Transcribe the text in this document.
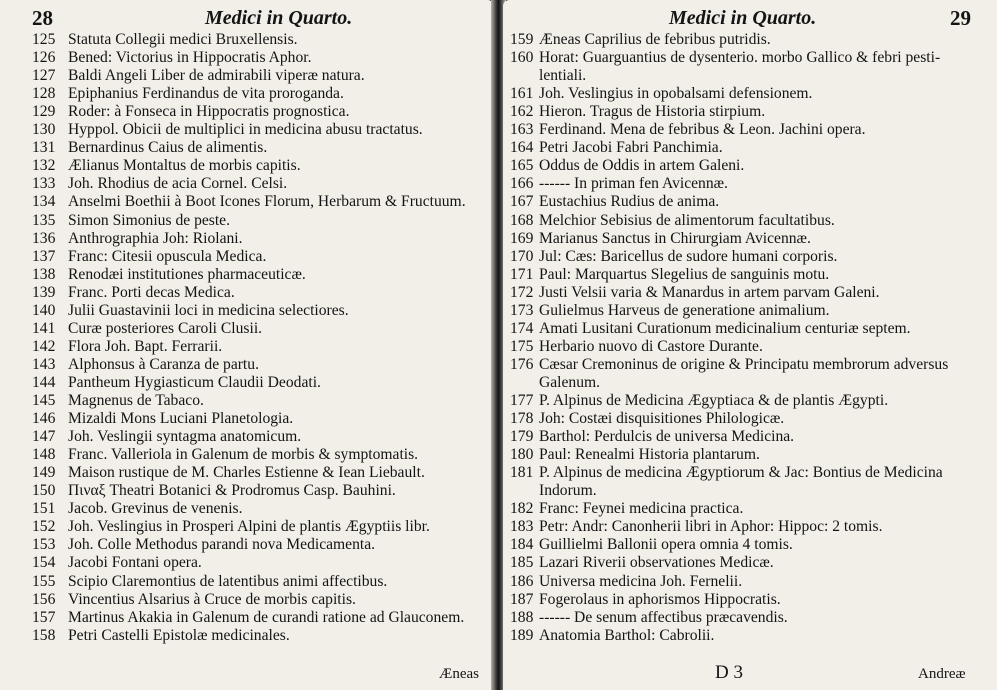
28	Medici in Quarto.
125 Statuta Collegii medici Bruxellensis.
126 Bened: Victorius in Hippocratis Aphor.
127 Baldi Angeli Liber de admirabili viperæ natura.
128 Epiphanius Ferdinandus de vita proroganda.
129 Roder: à Fonseca in Hippocratis prognostica.
130 Hyppol. Obicii de multiplici in medicina abusu tractatus.
131 Bernardinus Caius de alimentis.
132 Ælianus Montaltus de morbis capitis.
133 Joh. Rhodius de acia Cornel. Celsi.
134 Anselmi Boethii à Boot Icones Florum, Herbarum & Fructuum.
135 Simon Simonius de peste.
136 Anthrographia Joh: Riolani.
137 Franc: Citesii opuscula Medica.
138 Renodæi institutiones pharmaceuticæ.
139 Franc. Porti decas Medica.
140 Julii Guastavinii loci in medicina selectiores.
141 Curæ posteriores Caroli Clusii.
142 Flora Joh. Bapt. Ferrarii.
143 Alphonsus à Caranza de partu.
144 Pantheum Hygiasticum Claudii Deodati.
145 Magnenus de Tabaco.
146 Mizaldi Mons Luciani Planetologia.
147 Joh. Veslingii syntagma anatomicum.
148 Franc. Valleriola in Galenum de morbis & symptomatis.
149 Maison rustique de M. Charles Estienne & Iean Liebault.
150 Πιναξ Theatri Botanici & Prodromus Casp. Bauhini.
151 Jacob. Grevinus de venenis.
152 Joh. Veslingius in Prosperi Alpini de plantis Ægyptiis libr.
153 Joh. Colle Methodus parandi nova Medicamenta.
154 Jacobi Fontani opera.
155 Scipio Claremontius de latentibus animi affectibus.
156 Vincentius Alsarius à Cruce de morbis capitis.
157 Martinus Akakia in Galenum de curandi ratione ad Glauconem.
158 Petri Castelli Epistolæ medicinales.
Æneas
Medici in Quarto.	29
159 Æneas Caprilius de febribus putridis.
160 Horat: Guarguantius de dysenterio. morbo Gallico & febri pesti-
lentiali.
161 Joh. Veslingius in opobalsami defensionem.
162 Hieron. Tragus de Historia stirpium.
163 Ferdinand. Mena de febribus & Leon. Jachini opera.
164 Petri Jacobi Fabri Panchimia.
165 Oddus de Oddis in artem Galeni.
166 ------ In priman fen Avicennæ.
167 Eustachius Rudius de anima.
168 Melchior Sebisius de alimentorum facultatibus.
169 Marianus Sanctus in Chirurgiam Avicennæ.
170 Jul: Cæs: Baricellus de sudore humani corporis.
171 Paul: Marquartus Slegelius de sanguinis motu.
172 Justi Velsii varia & Manardus in artem parvam Galeni.
173 Gulielmus Harveus de generatione animalium.
174 Amati Lusitani Curationum medicinalium centuriæ septem.
175 Herbario nuovo di Castore Durante.
176 Cæsar Cremoninus de origine & Principatu membrorum adversus
Galenum.
177 P. Alpinus de Medicina Ægyptiaca & de plantis Ægypti.
178 Joh: Costæi disquisitiones Philologicæ.
179 Barthol: Perdulcis de universa Medicina.
180 Paul: Renealmi Historia plantarum.
181 P. Alpinus de medicina Ægyptiorum & Jac: Bontius de Medicina
Indorum.
182 Franc: Feynei medicina practica.
183 Petr: Andr: Canonherii libri in Aphor: Hippoc: 2 tomis.
184 Guillielmi Ballonii opera omnia 4 tomis.
185 Lazari Riverii observationes Medicæ.
186 Universa medicina Joh. Fernelii.
187 Fogerolaus in aphorismos Hippocratis.
188 ------ De senum affectibus præcavendis.
189 Anatomia Barthol: Cabrolii.
D 3	Andreæ
